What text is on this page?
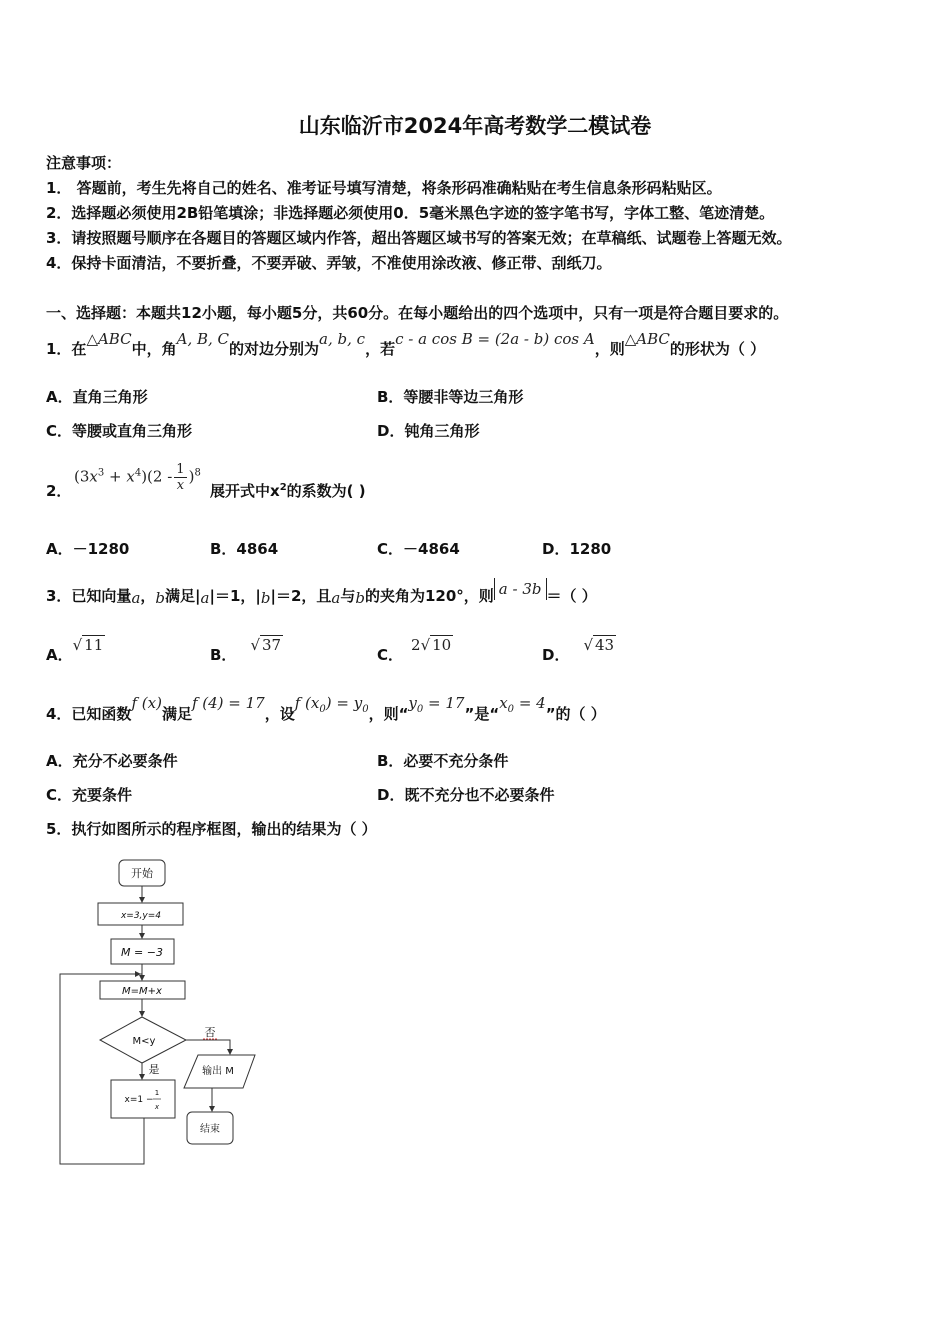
山东临沂市2024年高考数学二模试卷
注意事项：
1． 答题前，考生先将自己的姓名、准考证号填写清楚，将条形码准确粘贴在考生信息条形码粘贴区。
2．选择题必须使用2B铅笔填涂；非选择题必须使用0．5毫米黑色字迹的签字笔书写，字体工整、笔迹清楚。
3．请按照题号顺序在各题目的答题区域内作答，超出答题区域书写的答案无效；在草稿纸、试题卷上答题无效。
4．保持卡面清洁，不要折叠，不要弄破、弄皱，不准使用涂改液、修正带、刮纸刀。
一、选择题：本题共12小题，每小题5分，共60分。在每小题给出的四个选项中，只有一项是符合题目要求的。
1．在△ABC中，角A, B, C的对边分别为a, b, c，若c - a cos B = (2a - b) cos A，则△ABC的形状为（ ）
A．直角三角形	B．等腰非等边三角形
C．等腰或直角三角形	D．钝角三角形
2．
$(3x^3 + x^4)(2 - \frac{1}{x} )^8$
展开式中$x^2$的系数为( )
A．－1280	B．4864	C．－4864	D．1280
3．已知向量a，b满足|a|＝1，|b|＝2，且a与b的夹角为120°，则 a - 3b ＝（ ）
A．√ 11
B．√ 37
C．2√ 10
D．√ 43
4．已知函数f (x)满足f (4) = 17，设f $(x_0) = y_0$，则“$y_0 = 17$”是“$x_0 = 4$”的（ ）
A．充分不必要条件	B．必要不充分条件
C．充要条件	D．既不充分也不必要条件
5．执行如图所示的程序框图，输出的结果为（ ）
开始
x=3,y=4
M = −3
M=M+x
M<y
否
是	输出 M
结束
x=1 −
1
x
